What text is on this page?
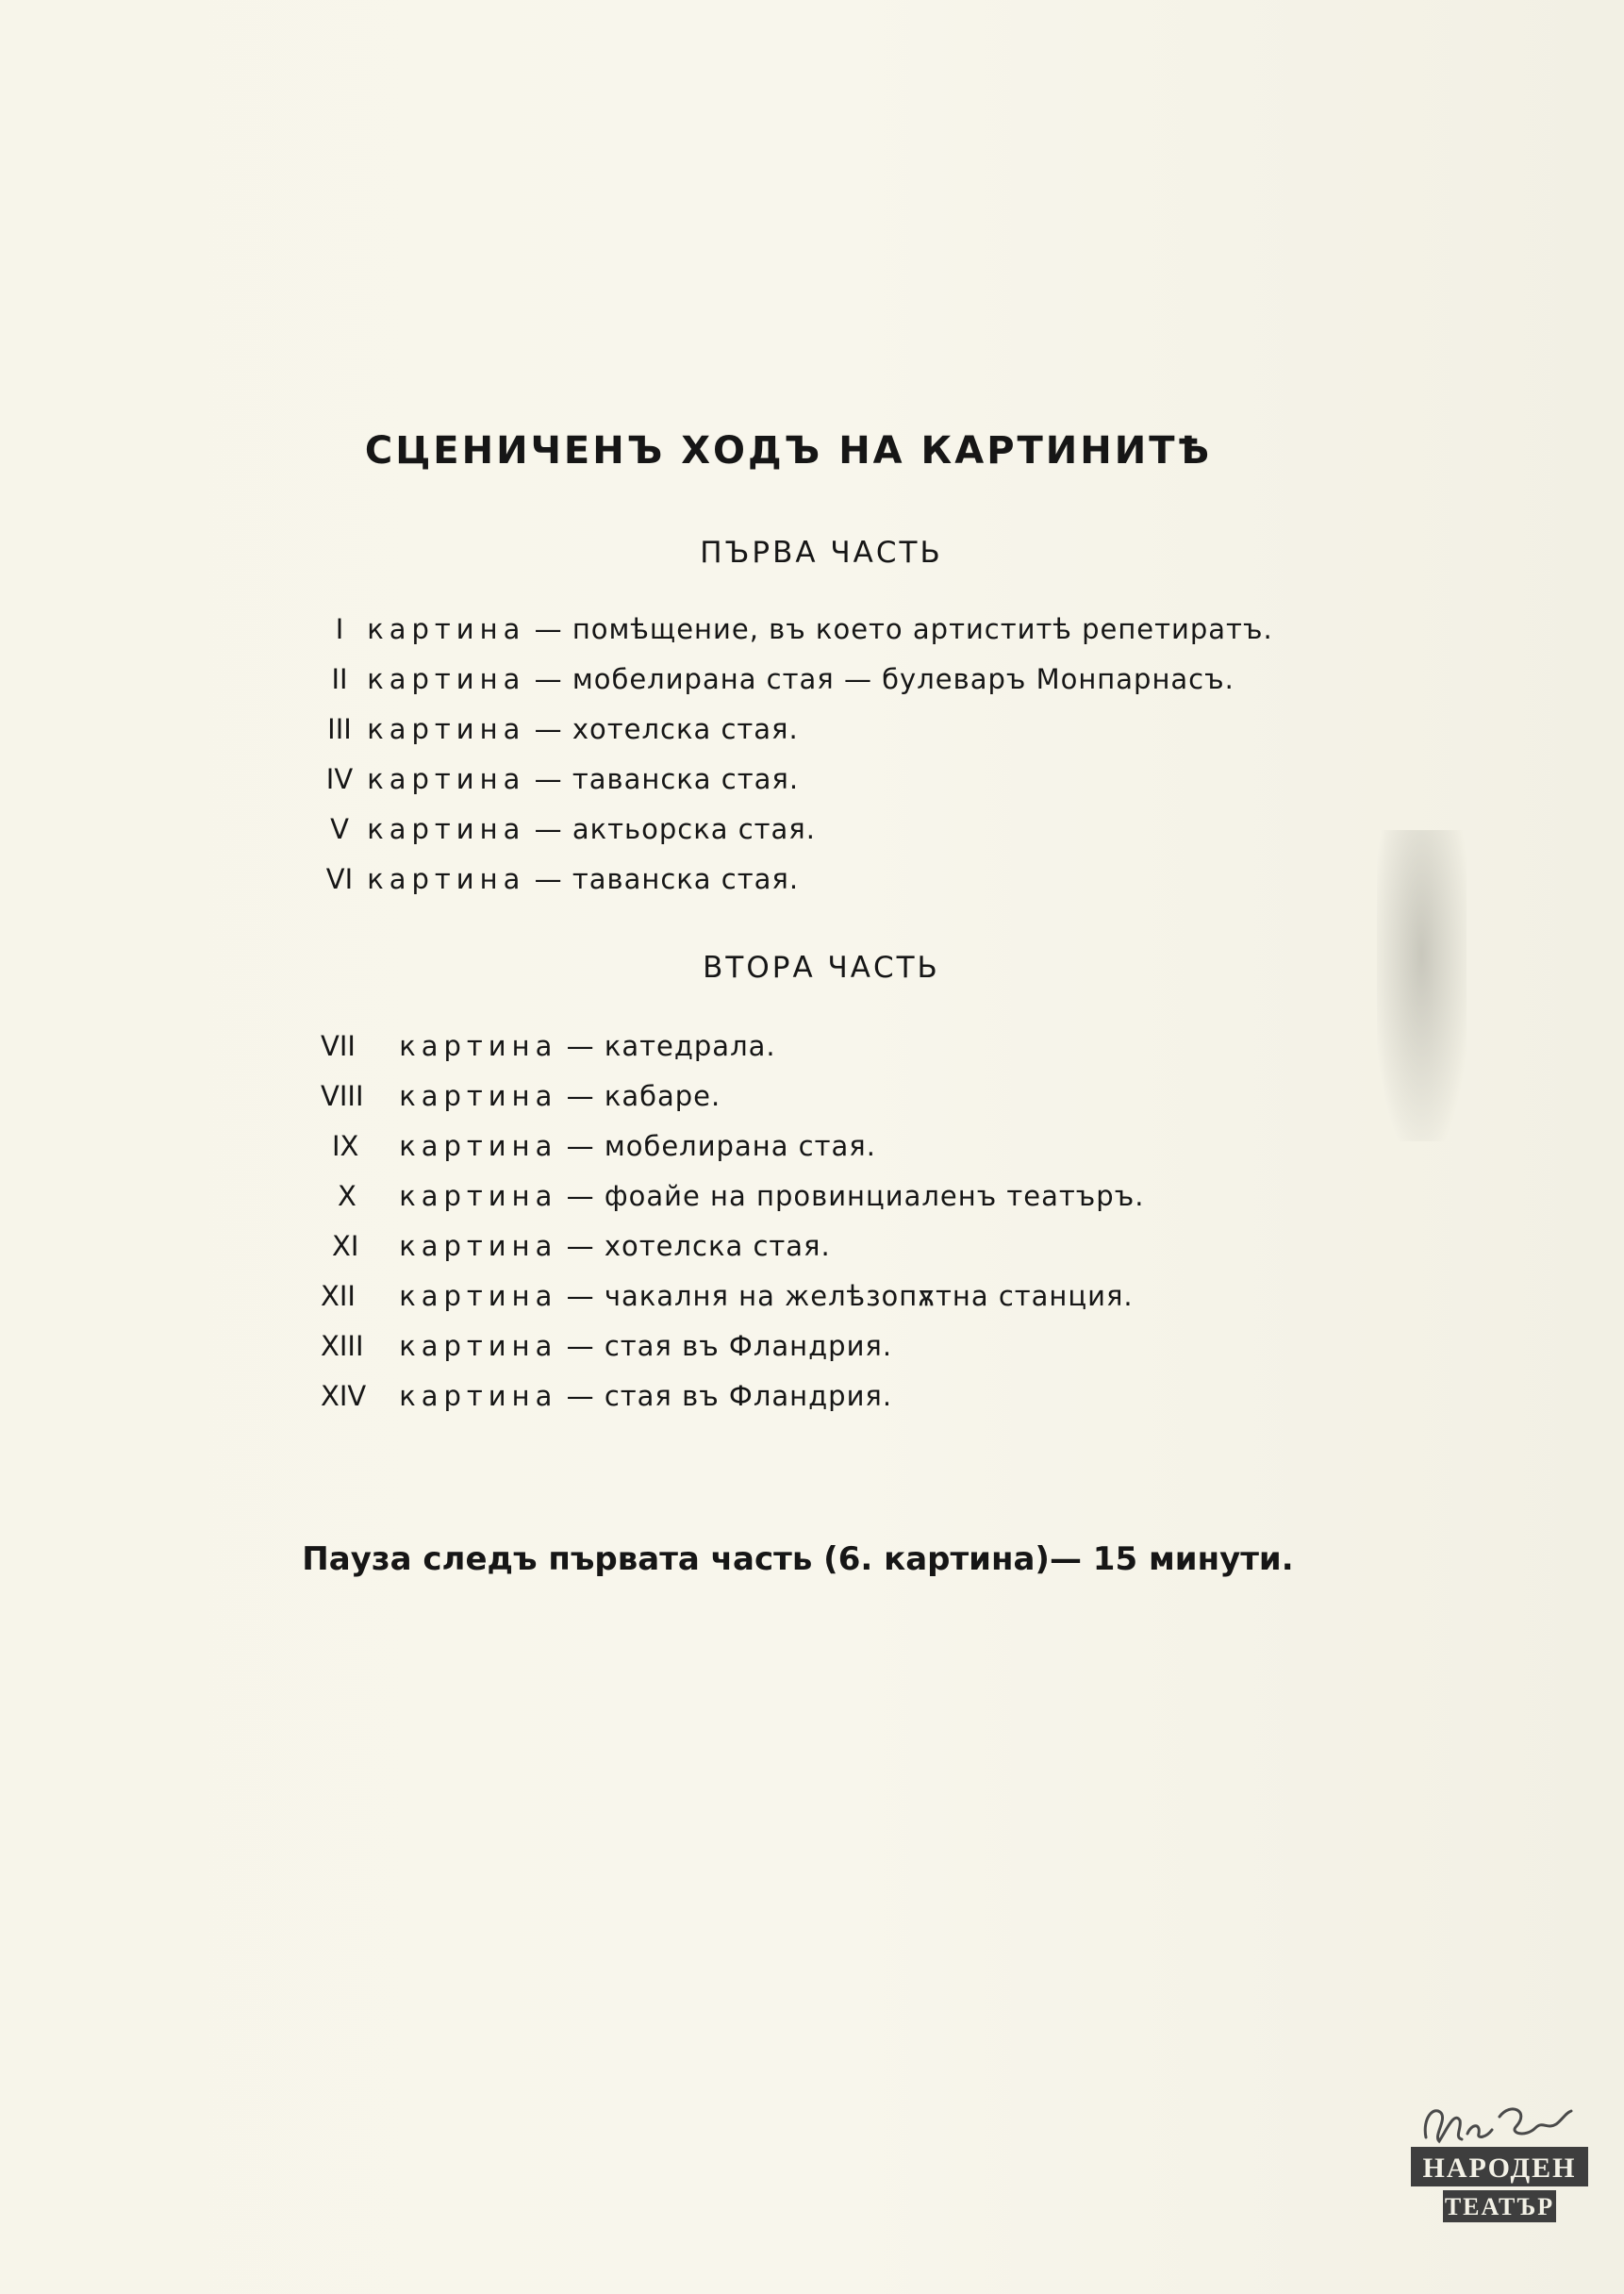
СЦЕНИЧЕНЪ ХОДЪ НА КАРТИНИТѢ
ПЪРВА ЧАСТЬ
I картина — помѣщение, въ което артиститѣ репетиратъ.
II картина — мобелирана стая — булеваръ Монпарнасъ.
III картина — хотелска стая.
IV картина — таванска стая.
V картина — актьорска стая.
VI картина — таванска стая.
ВТОРА ЧАСТЬ
VII картина — катедрала.
VIII картина — кабаре.
IX картина — мобелирана стая.
X картина — фоайе на провинциаленъ театъръ.
XI картина — хотелска стая.
XII картина — чакалня на желѣзопѫтна станция.
XIII картина — стая въ Фландрия.
XIV картина — стая въ Фландрия.
Пауза следъ първата часть (6. картина)— 15 минути.
НАРОДЕН
ТЕАТЪР
